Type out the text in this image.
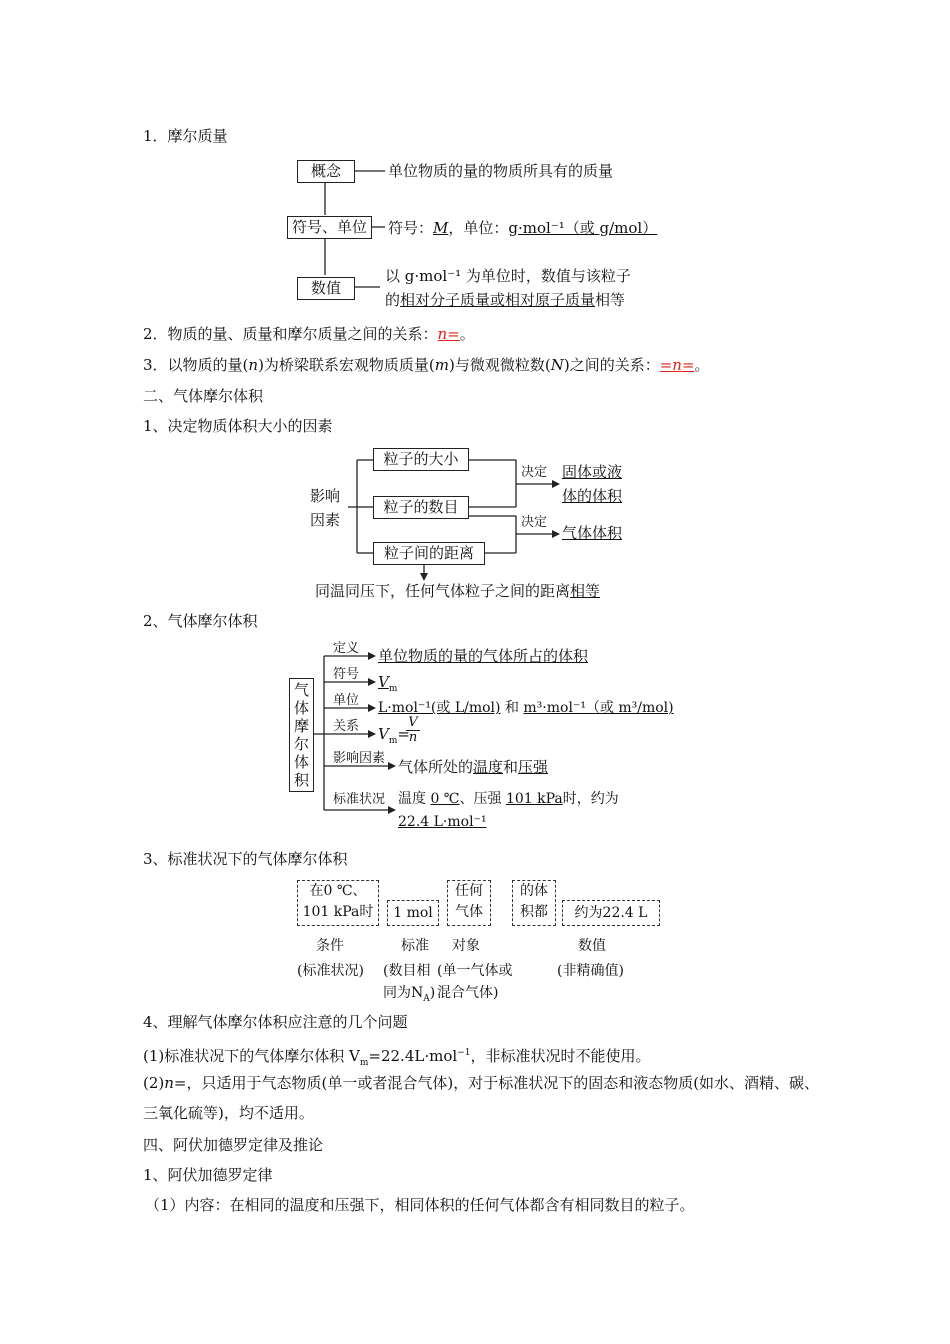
1．摩尔质量
概念	单位物质的量的物质所具有的质量
符号、单位	符号：M，单位：g·mol⁻¹（或 g/mol）
数值
以 g·mol⁻¹ 为单位时，数值与该粒子
的相对分子质量或相对原子质量相等
2．物质的量、质量和摩尔质量之间的关系：n=。
3．以物质的量(n)为桥梁联系宏观物质质量(m)与微观微粒数(N)之间的关系：=n=。
二、气体摩尔体积
1、决定物质体积大小的因素
影响
因素
粒子的大小
粒子的数目
粒子间的距离
决定
决定
固体或液
体的体积
气体体积
同温同压下，任何气体粒子之间的距离相等
2、气体摩尔体积
气体摩尔体积
定义 单位物质的量的气体所占的体积
符号 $V_m$
单位 L·mol⁻¹(或 L/mol) 和 m³·mol⁻¹（或 m³/mol)
关系 $V_m=$
V
n
影响因素 气体所处的温度和压强
标准状况 温度 0 ℃、压强 101 kPa时，约为
22.4 L·mol⁻¹
3、标准状况下的气体摩尔体积
在0 ℃、
101 kPa时	1 mol
任何
气体
的体
积都	约为22.4 L
条件
(标准状况)
标准
(数目相
同为$N_A$)
对象
(单一气体或
混合气体)
数值
(非精确值)
4、理解气体摩尔体积应注意的几个问题
(1)标准状况下的气体摩尔体积 $V_m=22.4L\cdot mol^{-1}$，非标准状况时不能使用。
(2)n=，只适用于气态物质(单一或者混合气体)，对于标准状况下的固态和液态物质(如水、酒精、碳、三氧化硫等)，均不适用。
四、阿伏加德罗定律及推论
1、阿伏加德罗定律
（1）内容：在相同的温度和压强下，相同体积的任何气体都含有相同数目的粒子。
